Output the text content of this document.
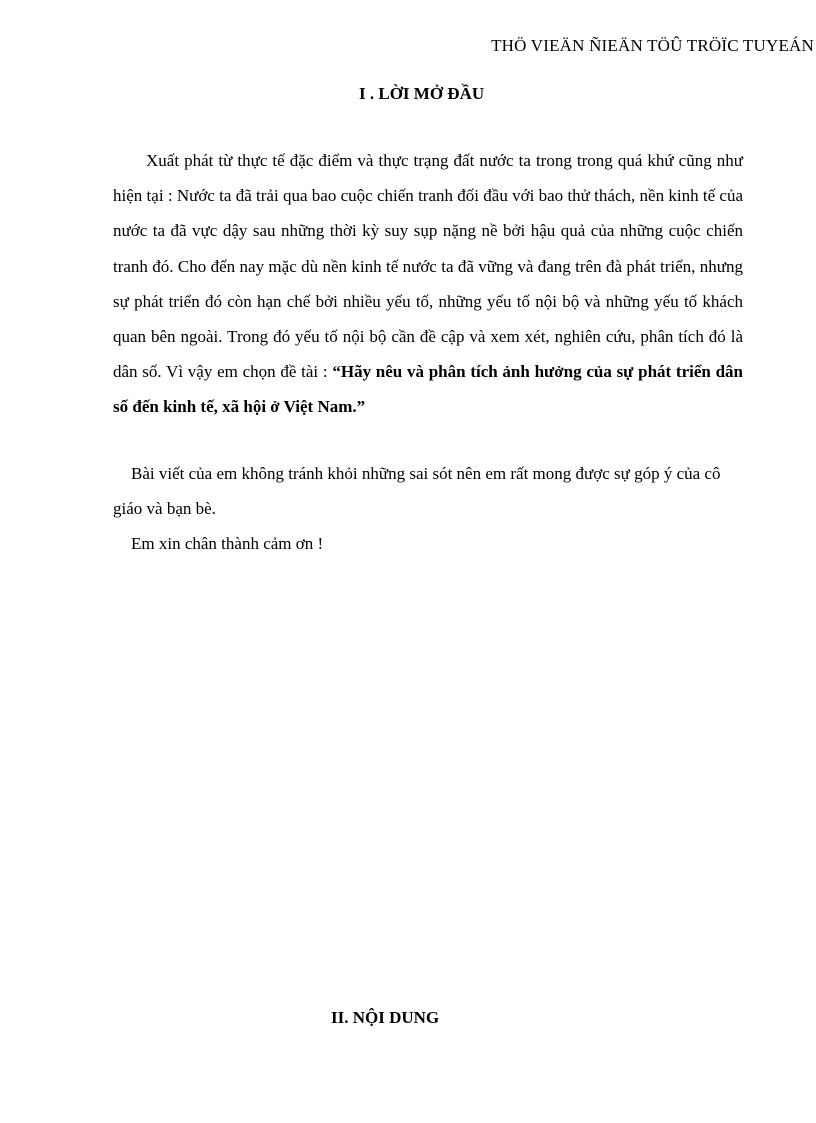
THÖ VIEÄN ÑIEÄN TÖÛ TRÖÏC TUYEÁN
I . LỜI MỞ ĐẦU
Xuất phát từ thực tế đặc điểm và thực trạng đất nước ta trong trong quá khứ cũng như hiện tại : Nước ta đã trải qua bao cuộc chiến tranh đối đầu với bao thử thách, nền kinh tế của nước ta đã vực dậy sau những thời kỳ suy sụp nặng nề bởi hậu quả của những cuộc chiến tranh đó. Cho đến nay mặc dù nền kinh tế nước ta đã vững và đang trên đà phát triển, nhưng sự phát triển đó còn hạn chế bởi nhiều yếu tố, những yếu tố nội bộ và những yếu tố khách quan bên ngoài. Trong đó yếu tố nội bộ cần đề cập và xem xét, nghiên cứu, phân tích đó là dân số. Vì vậy em chọn đề tài : “Hãy nêu và phân tích ảnh hưởng của sự phát triển dân số đến kinh tế, xã hội ở Việt Nam.”

Bài viết của em không tránh khỏi những sai sót nên em rất mong được sự góp ý của cô giáo và bạn bè.

Em xin chân thành cảm ơn !

II. NỘI DUNG
